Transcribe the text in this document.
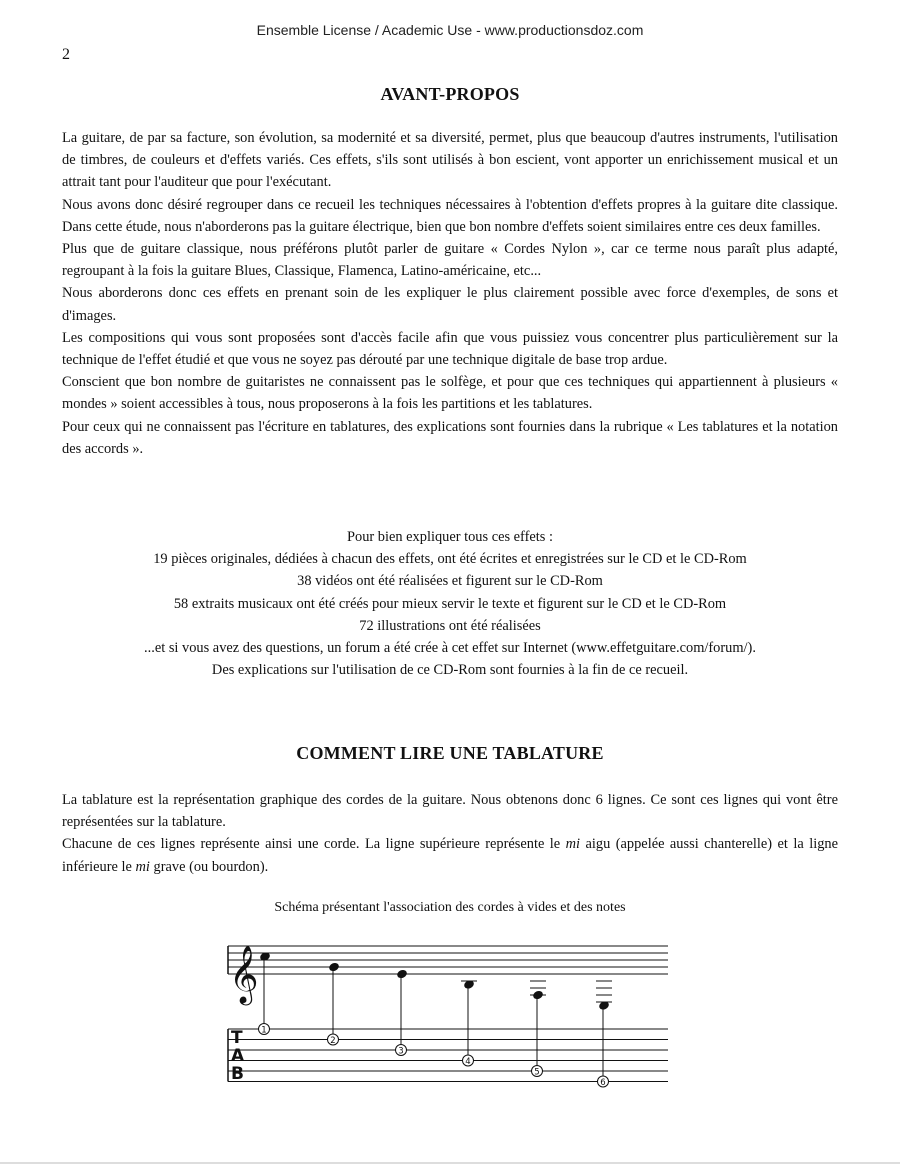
Ensemble License / Academic Use - www.productionsdoz.com
2
AVANT-PROPOS

La guitare, de par sa facture, son évolution, sa modernité et sa diversité, permet, plus que beaucoup d'autres instruments, l'utilisation de timbres, de couleurs et d'effets variés. Ces effets, s'ils sont utilisés à bon escient, vont apporter un enrichissement musical et un attrait tant pour l'auditeur que pour l'exécutant.

Nous avons donc désiré regrouper dans ce recueil les techniques nécessaires à l'obtention d'effets propres à la guitare dite classique. Dans cette étude, nous n'aborderons pas la guitare électrique, bien que bon nombre d'effets soient similaires entre ces deux familles.

Plus que de guitare classique, nous préférons plutôt parler de guitare « Cordes Nylon », car ce terme nous paraît plus adapté, regroupant à la fois la guitare Blues, Classique, Flamenca, Latino-américaine, etc...

Nous aborderons donc ces effets en prenant soin de les expliquer le plus clairement possible avec force d'exemples, de sons et d'images.

Les compositions qui vous sont proposées sont d'accès facile afin que vous puissiez vous concentrer plus particulièrement sur la technique de l'effet étudié et que vous ne soyez pas dérouté par une technique digitale de base trop ardue.

Conscient que bon nombre de guitaristes ne connaissent pas le solfège, et pour que ces techniques qui appartiennent à plusieurs « mondes » soient accessibles à tous, nous proposerons à la fois les partitions et les tablatures.

Pour ceux qui ne connaissent pas l'écriture en tablatures, des explications sont fournies dans la rubrique « Les tablatures et la notation des accords ».

Pour bien expliquer tous ces effets :
19 pièces originales, dédiées à chacun des effets, ont été écrites et enregistrées sur le CD et le CD-Rom
38 vidéos ont été réalisées et figurent sur le CD-Rom
58 extraits musicaux ont été créés pour mieux servir le texte et figurent sur le CD et le CD-Rom
72 illustrations ont été réalisées
...et si vous avez des questions, un forum a été crée à cet effet sur Internet (www.effetguitare.com/forum/).
Des explications sur l'utilisation de ce CD-Rom sont fournies à la fin de ce recueil.
COMMENT LIRE UNE TABLATURE

La tablature est la représentation graphique des cordes de la guitare. Nous obtenons donc 6 lignes. Ce sont ces lignes qui vont être représentées sur la tablature.

Chacune de ces lignes représente ainsi une corde. La ligne supérieure représente le mi aigu (appelée aussi chanterelle) et la ligne inférieure le mi grave (ou bourdon).

Schéma présentant l'association des cordes à vides et des notes
𝄞
T
A
B
1
2
3
4
5
6
